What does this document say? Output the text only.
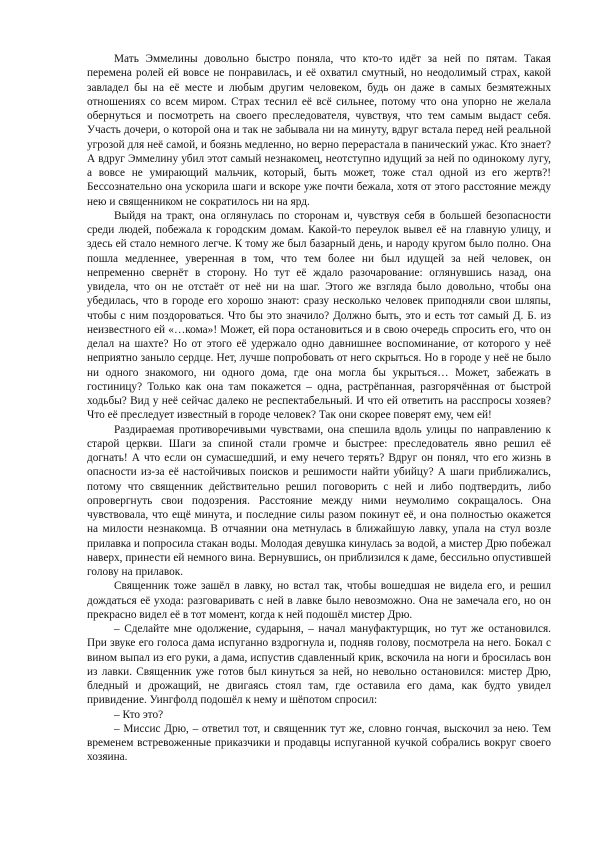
Мать Эммелины довольно быстро поняла, что кто-то идёт за ней по пятам. Такая перемена ролей ей вовсе не понравилась, и её охватил смутный, но неодолимый страх, какой завладел бы на её месте и любым другим человеком, будь он даже в самых безмятежных отношениях со всем миром. Страх теснил её всё сильнее, потому что она упорно не желала обернуться и посмотреть на своего преследователя, чувствуя, что тем самым выдаст себя. Участь дочери, о которой она и так не забывала ни на минуту, вдруг встала перед ней реальной угрозой для неё самой, и боязнь медленно, но верно перерастала в панический ужас. Кто знает? А вдруг Эммелину убил этот самый незнакомец, неотступно идущий за ней по одинокому лугу, а вовсе не умирающий мальчик, который, быть может, тоже стал одной из его жертв?! Бессознательно она ускорила шаги и вскоре уже почти бежала, хотя от этого расстояние между нею и священником не сократилось ни на ярд.

Выйдя на тракт, она оглянулась по сторонам и, чувствуя себя в большей безопасности среди людей, побежала к городским домам. Какой-то переулок вывел её на главную улицу, и здесь ей стало немного легче. К тому же был базарный день, и народу кругом было полно. Она пошла медленнее, уверенная в том, что тем более ни был идущей за ней человек, он непременно свернёт в сторону. Но тут её ждало разочарование: оглянувшись назад, она увидела, что он не отстаёт от неё ни на шаг. Этого же взгляда было довольно, чтобы она убедилась, что в городе его хорошо знают: сразу несколько человек приподняли свои шляпы, чтобы с ним поздороваться. Что бы это значило? Должно быть, это и есть тот самый Д. Б. из неизвестного ей «…кома»! Может, ей пора остановиться и в свою очередь спросить его, что он делал на шахте? Но от этого её удержало одно давнишнее воспоминание, от которого у неё неприятно заныло сердце. Нет, лучше попробовать от него скрыться. Но в городе у неё не было ни одного знакомого, ни одного дома, где она могла бы укрыться… Может, забежать в гостиницу? Только как она там покажется – одна, растрёпанная, разгорячённая от быстрой ходьбы? Вид у неё сейчас далеко не респектабельный. И что ей ответить на расспросы хозяев? Что её преследует известный в городе человек? Так они скорее поверят ему, чем ей!

Раздираемая противоречивыми чувствами, она спешила вдоль улицы по направлению к старой церкви. Шаги за спиной стали громче и быстрее: преследователь явно решил её догнать! А что если он сумасшедший, и ему нечего терять? Вдруг он понял, что его жизнь в опасности из-за её настойчивых поисков и решимости найти убийцу? А шаги приближались, потому что священник действительно решил поговорить с ней и либо подтвердить, либо опровергнуть свои подозрения. Расстояние между ними неумолимо сокращалось. Она чувствовала, что ещё минута, и последние силы разом покинут её, и она полностью окажется на милости незнакомца. В отчаянии она метнулась в ближайшую лавку, упала на стул возле прилавка и попросила стакан воды. Молодая девушка кинулась за водой, а мистер Дрю побежал наверх, принести ей немного вина. Вернувшись, он приблизился к даме, бессильно опустившей голову на прилавок.

Священник тоже зашёл в лавку, но встал так, чтобы вошедшая не видела его, и решил дождаться её ухода: разговаривать с ней в лавке было невозможно. Она не замечала его, но он прекрасно видел её в тот момент, когда к ней подошёл мистер Дрю.

– Сделайте мне одолжение, сударыня, – начал мануфактурщик, но тут же остановился. При звуке его голоса дама испуганно вздрогнула и, подняв голову, посмотрела на него. Бокал с вином выпал из его руки, а дама, испустив сдавленный крик, вскочила на ноги и бросилась вон из лавки. Священник уже готов был кинуться за ней, но невольно остановился: мистер Дрю, бледный и дрожащий, не двигаясь стоял там, где оставила его дама, как будто увидел привидение. Уингфолд подошёл к нему и шёпотом спросил:

– Кто это?

– Миссис Дрю, – ответил тот, и священник тут же, словно гончая, выскочил за нею. Тем временем встревоженные приказчики и продавцы испуганной кучкой собрались вокруг своего хозяина.
